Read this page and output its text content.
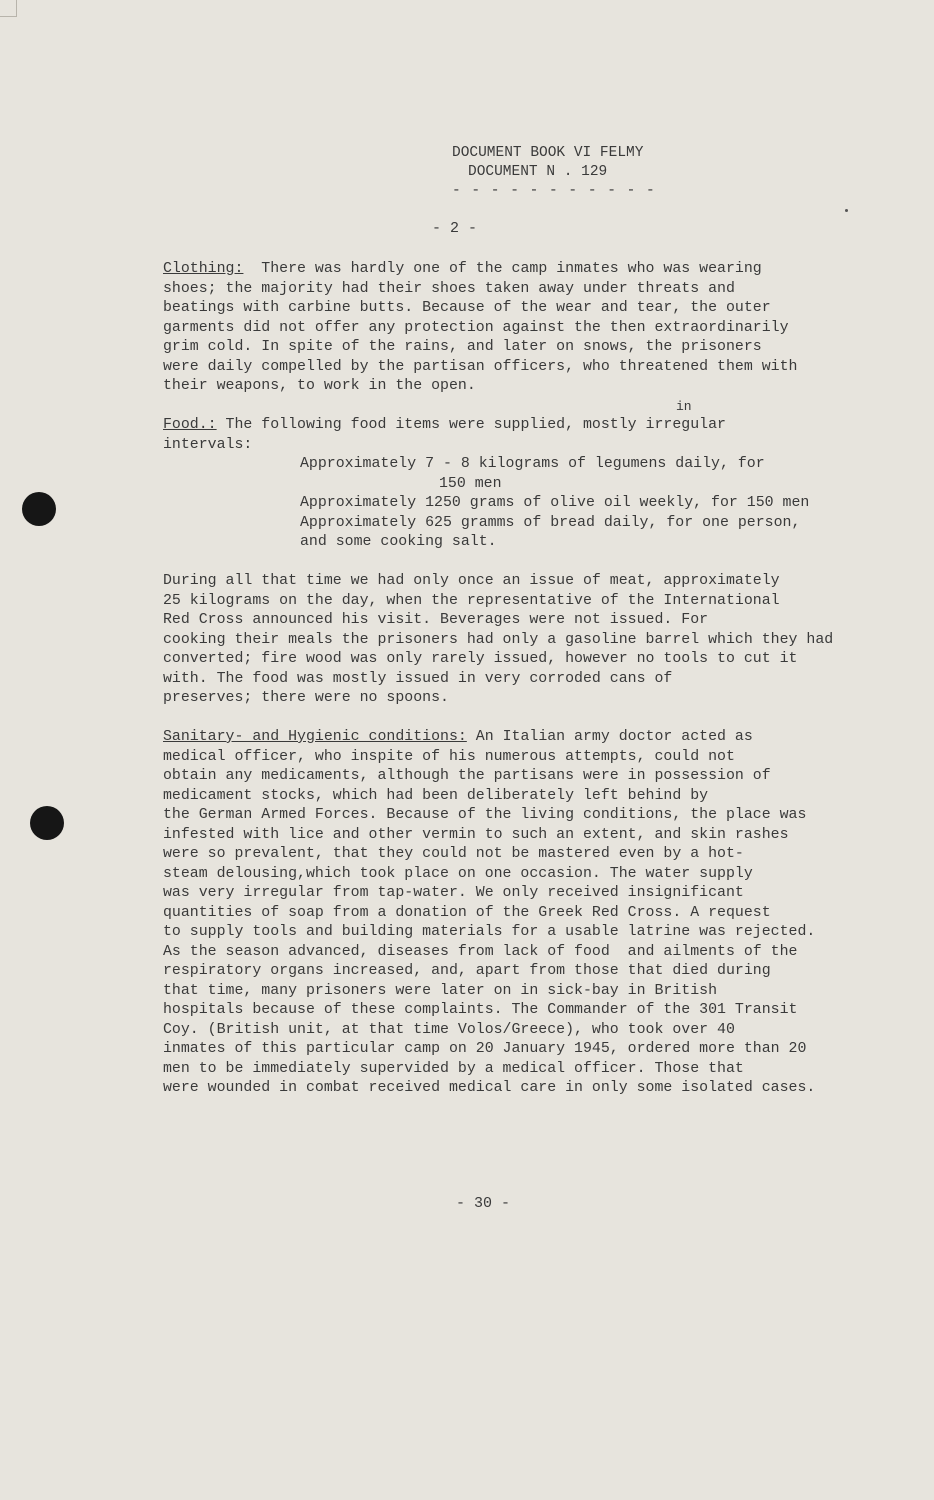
DOCUMENT BOOK VI FELMY
DOCUMENT N . 129
- - - - - - - - - - -
- 2 -
Clothing:  There was hardly one of the camp inmates who was wearing
shoes; the majority had their shoes taken away under threats and
beatings with carbine butts. Because of the wear and tear, the outer
garments did not offer any protection against the then extraordinarily
grim cold. In spite of the rains, and later on snows, the prisoners
were daily compelled by the partisan officers, who threatened them with
their weapons, to work in the open.
in
Food.: The following food items were supplied, mostly irregular
intervals:
Approximately 7 - 8 kilograms of legumens daily, for
150 men
Approximately 1250 grams of olive oil weekly, for 150 men
Approximately 625 gramms of bread daily, for one person,
and some cooking salt.
During all that time we had only once an issue of meat, approximately
25 kilograms on the day, when the representative of the International
Red Cross announced his visit. Beverages were not issued. For
cooking their meals the prisoners had only a gasoline barrel which they had
converted; fire wood was only rarely issued, however no tools to cut it
with. The food was mostly issued in very corroded cans of
preserves; there were no spoons.
Sanitary- and Hygienic conditions: An Italian army doctor acted as
medical officer, who inspite of his numerous attempts, could not
obtain any medicaments, although the partisans were in possession of
medicament stocks, which had been deliberately left behind by
the German Armed Forces. Because of the living conditions, the place was
infested with lice and other vermin to such an extent, and skin rashes
were so prevalent, that they could not be mastered even by a hot-
steam delousing,which took place on one occasion. The water supply
was very irregular from tap-water. We only received insignificant
quantities of soap from a donation of the Greek Red Cross. A request
to supply tools and building materials for a usable latrine was rejected.
As the season advanced, diseases from lack of food  and ailments of the
respiratory organs increased, and, apart from those that died during
that time, many prisoners were later on in sick-bay in British
hospitals because of these complaints. The Commander of the 301 Transit
Coy. (British unit, at that time Volos/Greece), who took over 40
inmates of this particular camp on 20 January 1945, ordered more than 20
men to be immediately supervided by a medical officer. Those that
were wounded in combat received medical care in only some isolated cases.
- 30 -
